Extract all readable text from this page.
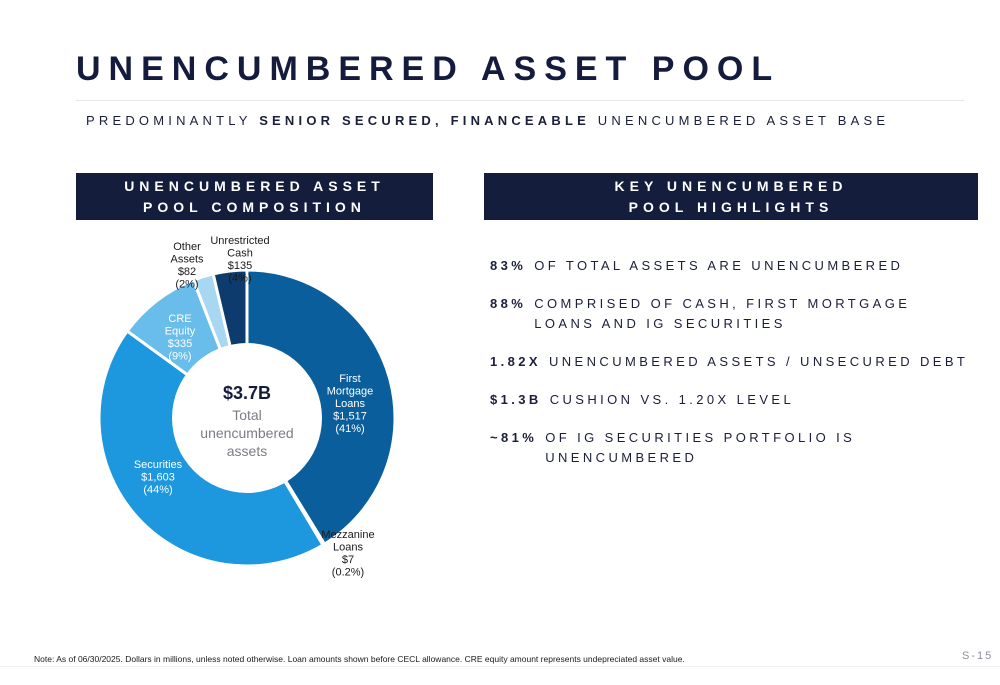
UNENCUMBERED ASSET POOL
PREDOMINANTLY SENIOR SECURED, FINANCEABLE UNENCUMBERED ASSET BASE
UNENCUMBERED ASSET
POOL COMPOSITION
KEY UNENCUMBERED
POOL HIGHLIGHTS
$3.7B
Total
unencumbered
assets
First Mortgage Loans $1,517 (41%)
Mezzanine Loans $7 (0.2%)
Securities $1,603 (44%)
CRE Equity $335 (9%)
Other Assets $82 (2%)
Unrestricted Cash $135 (4%)
83% OF TOTAL ASSETS ARE UNENCUMBERED
88% COMPRISED OF CASH, FIRST MORTGAGE LOANS AND IG SECURITIES
1.82X UNENCUMBERED ASSETS / UNSECURED DEBT
$1.3B CUSHION VS. 1.20X LEVEL
~81% OF IG SECURITIES PORTFOLIO IS UNENCUMBERED
Note: As of 06/30/2025. Dollars in millions, unless noted otherwise. Loan amounts shown before CECL allowance. CRE equity amount represents undepreciated asset value.	S-15
